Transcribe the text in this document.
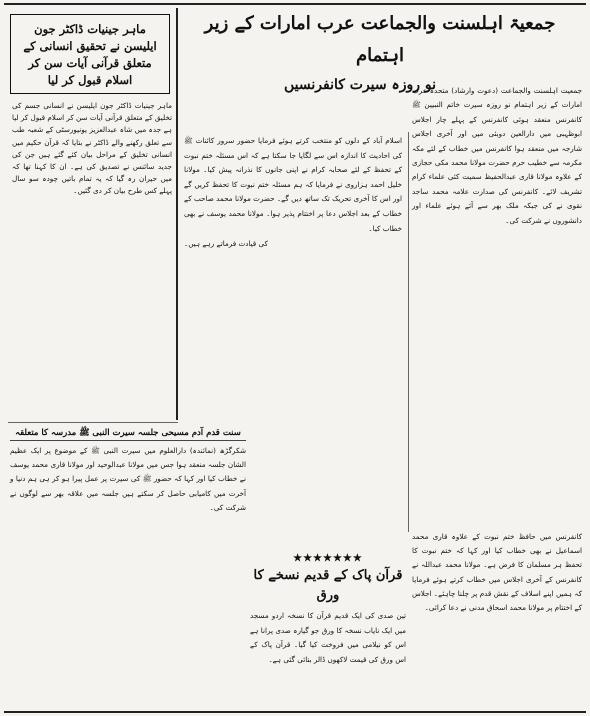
ماہر جینیات ڈاکٹر جون ایلیسن نے تحقیق انسانی کے متعلق قرآنی آیات سن کر اسلام قبول کر لیا

ماہر جینیات ڈاکٹر جون ایلیسن نے انسانی جسم کی تخلیق کے متعلق قرآنی آیات سن کر اسلام قبول کر لیا ہے جدہ میں شاہ عبدالعزیز یونیورسٹی کے شعبہ طب سے تعلق رکھنے والے ڈاکٹر نے بتایا کہ قرآن حکیم میں انسانی تخلیق کے مراحل بیان کئے گئے ہیں جن کی جدید سائنس نے تصدیق کی ہے۔ ان کا کہنا تھا کہ میں حیران رہ گیا کہ یہ تمام باتیں چودہ سو سال پہلے کس طرح بیان کر دی گئیں۔

جمعیۃ اہلسنت والجماعت عرب امارات کے زیر اہتمام

نو روزہ سیرت کانفرنسیں

جمعیت اہلسنت والجماعت (دعوت وارشاد) متحدہ عرب امارات کے زیر اہتمام نو روزہ سیرت خاتم النبیین ﷺ کانفرنس منعقد ہوئی کانفرنس کے پہلے چار اجلاس ابوظہبی میں دارالعین دوبئی میں اور آخری اجلاس شارجہ میں منعقد ہوا کانفرنس میں خطاب کے لئے مکہ مکرمہ سے خطیب حرم حضرت مولانا محمد مکی حجازی کے علاوہ مولانا قاری عبدالحفیظ سمیت کئی علماء کرام تشریف لائے۔ کانفرنس کی صدارت علامہ محمد ساجد نقوی نے کی جبکہ ملک بھر سے آئے ہوئے علماء اور دانشوروں نے شرکت کی۔

اسلام آباد کے دلوں کو منتخب کرتے ہوئے فرمایا حضور سرور کائنات ﷺ کی احادیث کا اندازہ اس سے لگایا جا سکتا ہے کہ اس مسئلہ ختم نبوت کے تحفظ کے لئے صحابہ کرام نے اپنی جانوں کا نذرانہ پیش کیا۔ مولانا خلیل احمد ہزاروی نے فرمایا کہ ہم مسئلہ ختم نبوت کا تحفظ کریں گے اور اس کا آخری تحریک تک ساتھ دیں گے۔ حضرت مولانا محمد صاحب کے خطاب کے بعد اجلاس دعا پر اختتام پذیر ہوا۔ مولانا محمد یوسف نے بھی خطاب کیا۔

کی قیادت فرماتے رہے ہیں۔

سنت قدم آدم مسیحی جلسہ سیرت النبی ﷺ مدرسہ کا متعلقہ

شکرگڑھ (نمائندہ) دارالعلوم میں سیرت النبی ﷺ کے موضوع پر ایک عظیم الشان جلسہ منعقد ہوا جس میں مولانا عبدالوحید اور مولانا قاری محمد یوسف نے خطاب کیا اور کہا کہ حضور ﷺ کی سیرت پر عمل پیرا ہو کر ہی ہم دنیا و آخرت میں کامیابی حاصل کر سکتے ہیں جلسہ میں علاقہ بھر سے لوگوں نے شرکت کی۔

★★★★★★★

قرآن پاک کے قدیم نسخے کا ورق

تین صدی کی ایک قدیم قرآن کا نسخہ اردو مسجد میں ایک نایاب نسخہ کا ورق جو گیارہ صدی پرانا ہے اس کو نیلامی میں فروخت کیا گیا۔ قرآن پاک کے اس ورق کی قیمت لاکھوں ڈالر بتائی گئی ہے۔

کانفرنس میں حافظ ختم نبوت کے علاوہ قاری محمد اسماعیل نے بھی خطاب کیا اور کہا کہ ختم نبوت کا تحفظ ہر مسلمان کا فرض ہے۔ مولانا محمد عبداللہ نے کانفرنس کے آخری اجلاس میں خطاب کرتے ہوئے فرمایا کہ ہمیں اپنے اسلاف کے نقش قدم پر چلنا چاہئے۔ اجلاس کے اختتام پر مولانا محمد اسحاق مدنی نے دعا کرائی۔
